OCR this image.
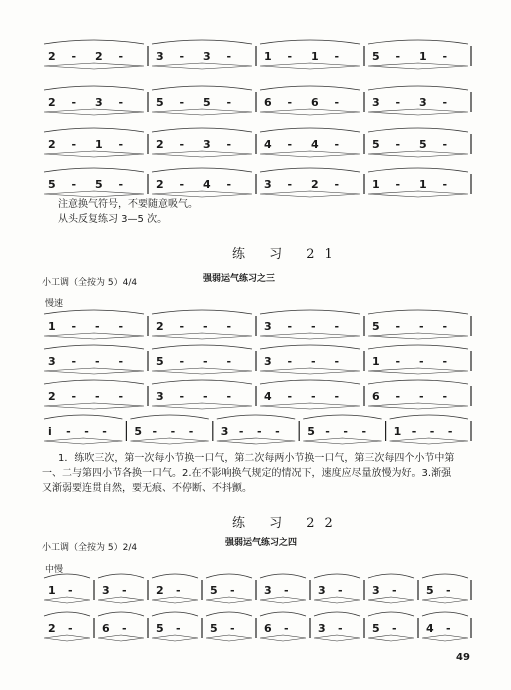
2 - 2 -	3 - 3 -	1 - 1 -	5 - 1 -
2 - 3 -	5 - 5 -	6 - 6 -	3 - 3 -
2 - 1 -	2 - 3 -	4 - 4 -	5 - 5 -
5 - 5 -	2 - 4 -	3 - 2 -	1 - 1 -
注意换气符号，不要随意吸气。
从头反复练习 3—5 次。
练 习 21
强弱运气练习之三
小工调（全按为 5）4/4
慢速
1 - - -	2 - - -	3 - - -	5 - - -
3 - - -	5 - - -	3 - - -	1 - - -
2 - - -	3 - - -	4 - - -	6 - - -
i - - -	5 - - -	3 - - -	5 - - -	1 - - -
1．练吹三次，第一次每小节换一口气，第二次每两小节换一口气，第三次每四个小节中第
一、二与第四小节各换一口气。2.在不影响换气规定的情况下，速度应尽量放慢为好。3.渐强
又渐弱要连贯自然，要无痕、不停断、不抖颤。
练 习 22
强弱运气练习之四
小工调（全按为 5）2/4
中慢
1 -	3 -	2 -	5 -	3 -	3 -	3 -	5 -
2 -	6 -	5 -	5 -	6 -	3 -	5 -	4 -
49
